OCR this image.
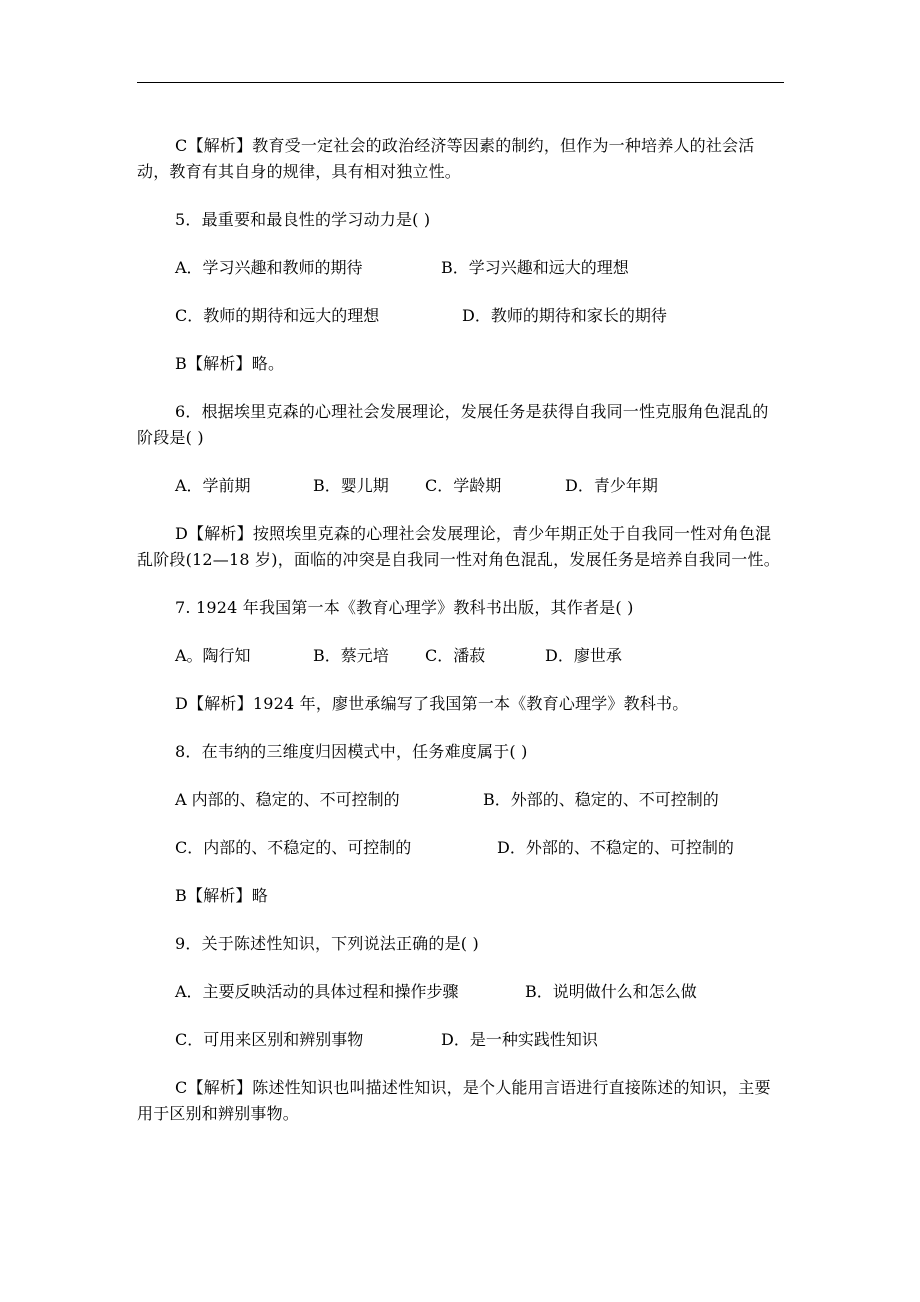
C【解析】教育受一定社会的政治经济等因素的制约，但作为一种培养人的社会活动，教育有其自身的规律，具有相对独立性。

5．最重要和最良性的学习动力是( )

A．学习兴趣和教师的期待	B．学习兴趣和远大的理想
C．教师的期待和远大的理想	D．教师的期待和家长的期待

B【解析】略。

6．根据埃里克森的心理社会发展理论，发展任务是获得自我同一性克服角色混乱的阶段是( )

A．学前期	B．婴儿期	C．学龄期	D．青少年期

D【解析】按照埃里克森的心理社会发展理论，青少年期正处于自我同一性对角色混乱阶段(12—18 岁)，面临的冲突是自我同一性对角色混乱，发展任务是培养自我同一性。

7. 1924 年我国第一本《教育心理学》教科书出版，其作者是( )

A。陶行知	B．蔡元培	C．潘菽	D．廖世承

D【解析】1924 年，廖世承编写了我国第一本《教育心理学》教科书。

8．在韦纳的三维度归因模式中，任务难度属于( )

A 内部的、稳定的、不可控制的	B．外部的、稳定的、不可控制的
C．内部的、不稳定的、可控制的	D．外部的、不稳定的、可控制的

B【解析】略

9．关于陈述性知识，下列说法正确的是( )

A．主要反映活动的具体过程和操作步骤	B．说明做什么和怎么做
C．可用来区别和辨别事物	D．是一种实践性知识

C【解析】陈述性知识也叫描述性知识，是个人能用言语进行直接陈述的知识，主要用于区别和辨别事物。
